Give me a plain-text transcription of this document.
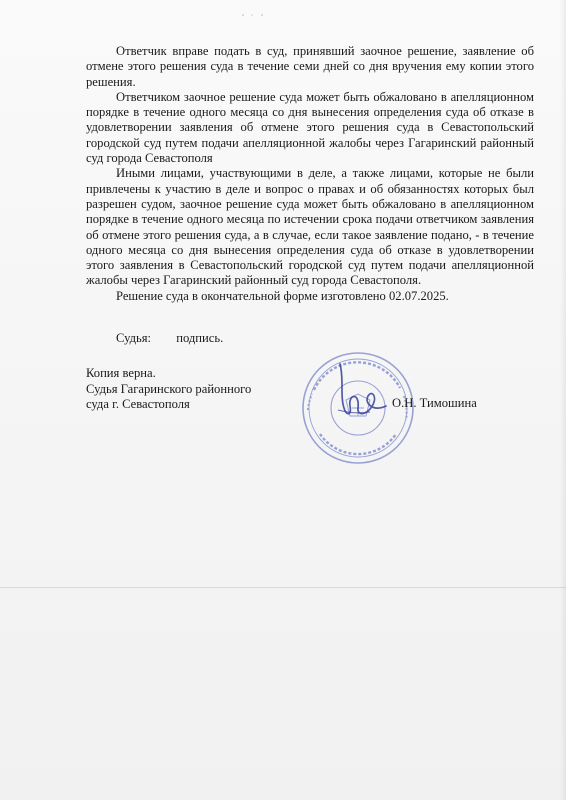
Ответчик вправе подать в суд, принявший заочное решение, заявление об отмене этого решения суда в течение семи дней со дня вручения ему копии этого решения.

Ответчиком заочное решение суда может быть обжаловано в апелляционном порядке в течение одного месяца со дня вынесения определения суда об отказе в удовлетворении заявления об отмене этого решения суда в Севастопольский городской суд путем подачи апелляционной жалобы через Гагаринский районный суд города Севастополя

Иными лицами, участвующими в деле, а также лицами, которые не были привлечены к участию в деле и вопрос о правах и об обязанностях которых был разрешен судом, заочное решение суда может быть обжаловано в апелляционном порядке в течение одного месяца по истечении срока подачи ответчиком заявления об отмене этого решения суда, а в случае, если такое заявление подано, - в течение одного месяца со дня вынесения определения суда об отказе в удовлетворении этого заявления в Севастопольский городской суд путем подачи апелляционной жалобы через Гагаринский районный суд города Севастополя.

Решение суда в окончательной форме изготовлено 02.07.2025.

Судья: подпись.
Копия верна.
Судья Гагаринского районного
суда г. Севастополя	О.Н. Тимошина
